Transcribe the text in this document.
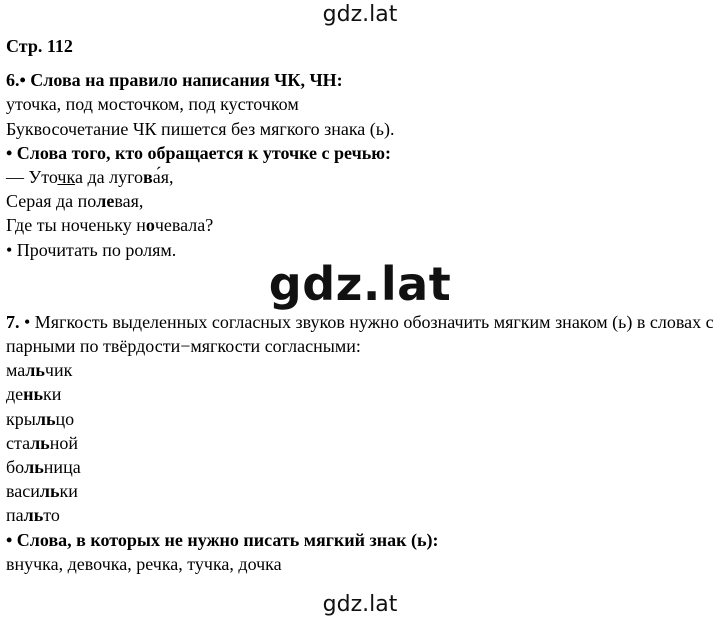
gdz.lat
Стр. 112
6.• Слова на правило написания ЧК, ЧН:
уточка, под мосточком, под кусточком
Буквосочетание ЧК пишется без мягкого знака (ь).
• Слова того, кто обращается к уточке с речью:
— Уточка да лугова́я,
Серая да полевая,
Где ты ноченьку ночевала?
• Прочитать по ролям.
7. • Мягкость выделенных согласных звуков нужно обозначить мягким знаком (ь) в словах с парными по твёрдости−мягкости согласными:
мальчик
деньки
крыльцо
стальной
больница
васильки
пальто
• Слова, в которых не нужно писать мягкий знак (ь):
внучка, девочка, речка, тучка, дочка
gdz.lat
gdz.lat
